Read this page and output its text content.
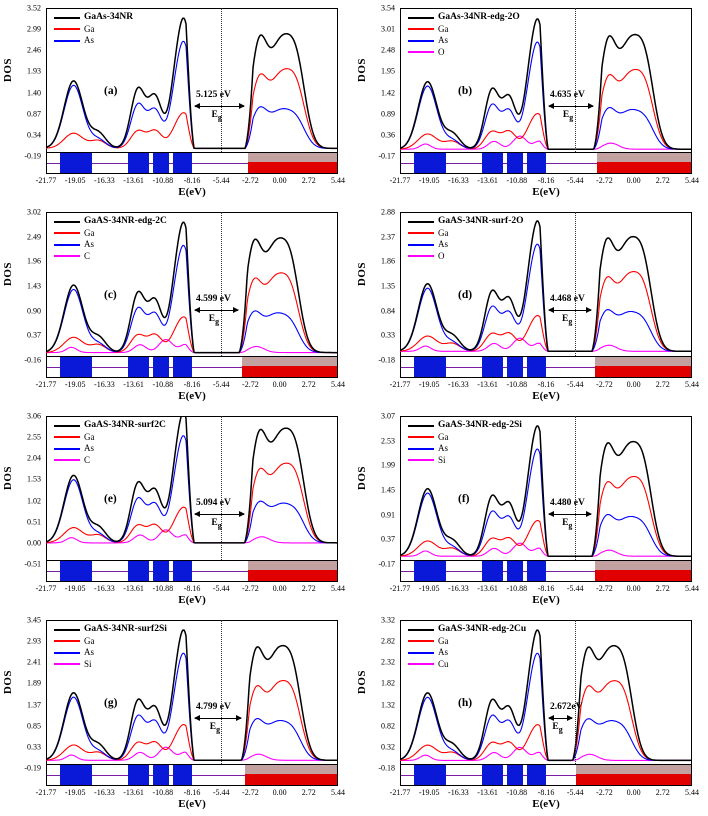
DOS
-0.19
0.34
0.87
1.40
1.93
2.46
2.99
3.52
5.125 eV
$E_g$
(a)
GaAs-34NR
Ga
As
-21.77 -19.05 -16.33 -13.61 -10.88 -8.16 -5.44 -2.72 0.00 2.72 5.44
E(eV)
DOS
-0.17
0.36
0.89
1.42
1.95
2.48
3.01
3.54
4.635 eV
$E_g$
(b)
GaAs-34NR-edg-2O
Ga
As
O
-21.77 -19.05 -16.33 -13.61 -10.88 -8.16 -5.44 -2.72 0.00 2.72 5.44
E(eV)
DOS
-0.16
0.37
0.90
1.43
1.96
2.49
3.02
4.599 eV
$E_g$
(c)
GaAS-34NR-edg-2C
Ga
As
C
-21.77 -19.05 -16.33 -13.61 -10.88 -8.16 -5.44 -2.72 0.00 2.72 5.44
E(eV)
DOS
-0.18
0.33
0.84
1.35
1.86
2.37
2.88
4.468 eV
$E_g$
(d)
GaAS-34NR-surf-2O
Ga
As
O
-21.77 -19.05 -16.33 -13.61 -10.88 -8.16 -5.44 -2.72 0.00 2.72 5.44
E(eV)
DOS
-0.51
0.00
0.51
1.02
1.53
2.04
2.55
3.06
5.094 eV
$E_g$
(e)
GaAS-34NR-surf2C
Ga
As
C
-21.77 -19.05 -16.33 -13.61 -10.88 -8.16 -5.44 -2.72 0.00 2.72 5.44
E(eV)
DOS
-0.17
0.37
0.91
1.45
1.99
2.53
3.07
4.480 eV
$E_g$
(f)
GaAS-34NR-edg-2Si
Ga
As
Si
-21.77 -19.05 -16.33 -13.61 -10.88 -8.16 -5.44 -2.72 0.00 2.72 5.44
E(eV)
DOS
-0.19
0.33
0.85
1.37
1.89
2.41
2.93
3.45
4.799 eV
$E_g$
(g)
GaAS-34NR-surf2Si
Ga
As
Si
-21.77 -19.05 -16.33 -13.61 -10.88 -8.16 -5.44 -2.72 0.00 2.72 5.44
E(eV)
DOS
-0.18
0.32
0.82
1.32
1.82
2.32
2.82
3.32
2.672eV
$E_g$
(h)
GaAS-34NR-edg-2Cu
Ga
As
Cu
-21.77 -19.05 -16.33 -13.61 -10.88 -8.16 -5.44 -2.72 0.00 2.72 5.44
E(eV)
